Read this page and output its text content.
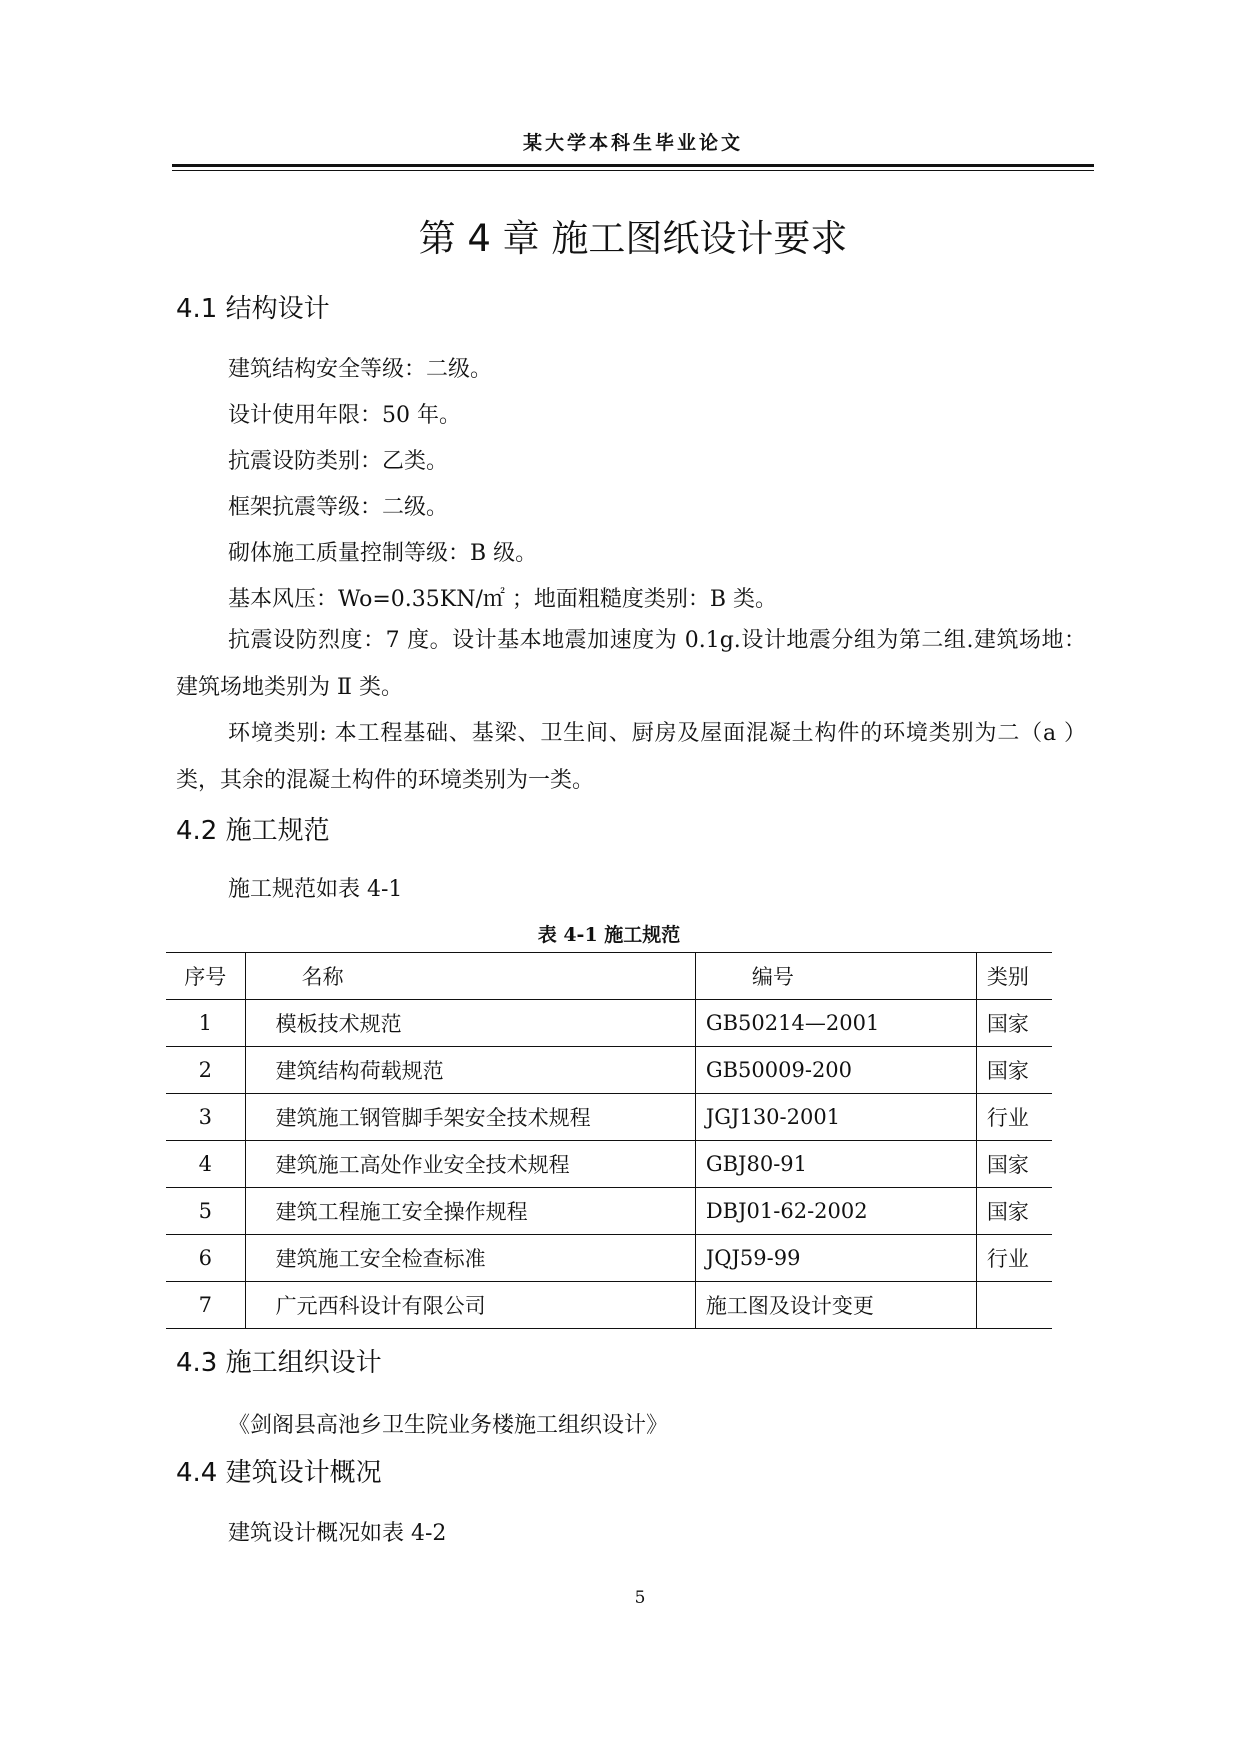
某大学本科生毕业论文
第 4 章 施工图纸设计要求
4.1 结构设计
建筑结构安全等级：二级。
设计使用年限：50 年。
抗震设防类别：乙类。
框架抗震等级：二级。
砌体施工质量控制等级：B 级。
基本风压：Wo=0.35KN/㎡ ；地面粗糙度类别：B 类。
抗震设防烈度：7 度。设计基本地震加速度为 0.1g.设计地震分组为第二组.建筑场地：建筑场地类别为 Ⅱ 类。
环境类别: 本工程基础、基梁、卫生间、厨房及屋面混凝土构件的环境类别为二（a ）类，其余的混凝土构件的环境类别为一类。
4.2 施工规范
施工规范如表 4-1
表 4-1 施工规范
序号	名称	编号	类别
1	模板技术规范	GB50214—2001	国家
2	建筑结构荷载规范	GB50009-200	国家
3	建筑施工钢管脚手架安全技术规程	JGJ130-2001	行业
4	建筑施工高处作业安全技术规程	GBJ80-91	国家
5	建筑工程施工安全操作规程	DBJ01-62-2002	国家
6	建筑施工安全检查标准	JQJ59-99	行业
7	广元西科设计有限公司	施工图及设计变更	
4.3 施工组织设计
《剑阁县高池乡卫生院业务楼施工组织设计》
4.4 建筑设计概况
建筑设计概况如表 4-2
5
